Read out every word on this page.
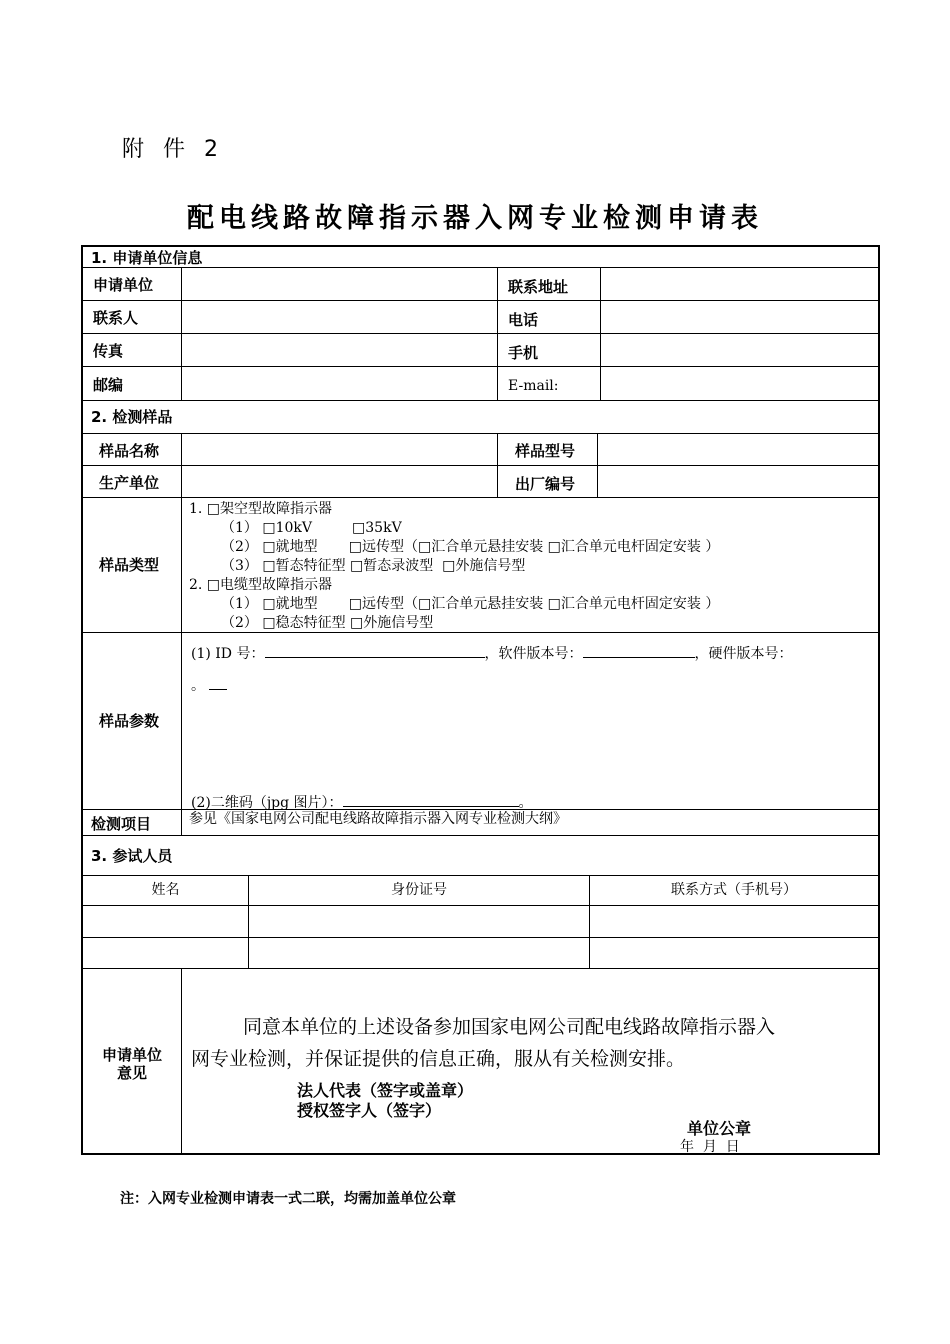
附 件 2
配电线路故障指示器入网专业检测申请表
1. 申请单位信息
申请单位	联系地址
联系人	电话
传真	手机
邮编	E-mail:
2. 检测样品
样品名称	样品型号
生产单位	出厂编号
样品类型
1. □架空型故障指示器
（1） □10kV         □35kV
（2） □就地型       □远传型（□汇合单元悬挂安装 □汇合单元电杆固定安装 ）
（3） □暂态特征型 □暂态录波型  □外施信号型
2. □电缆型故障指示器
（1） □就地型       □远传型（□汇合单元悬挂安装 □汇合单元电杆固定安装 ）
（2） □稳态特征型 □外施信号型
样品参数
(1) ID 号：	，软件版本号：	，硬件版本号：
。
(2)二维码（jpg 图片）：	。
检测项目	参见《国家电网公司配电线路故障指示器入网专业检测大纲》
3. 参试人员
姓名	身份证号	联系方式（手机号）
申请单位
意见
同意本单位的上述设备参加国家电网公司配电线路故障指示器入
网专业检测，并保证提供的信息正确，服从有关检测安排。
法人代表（签字或盖章）
授权签字人（签字）
单位公章
年  月  日
注：入网专业检测申请表一式二联，均需加盖单位公章
